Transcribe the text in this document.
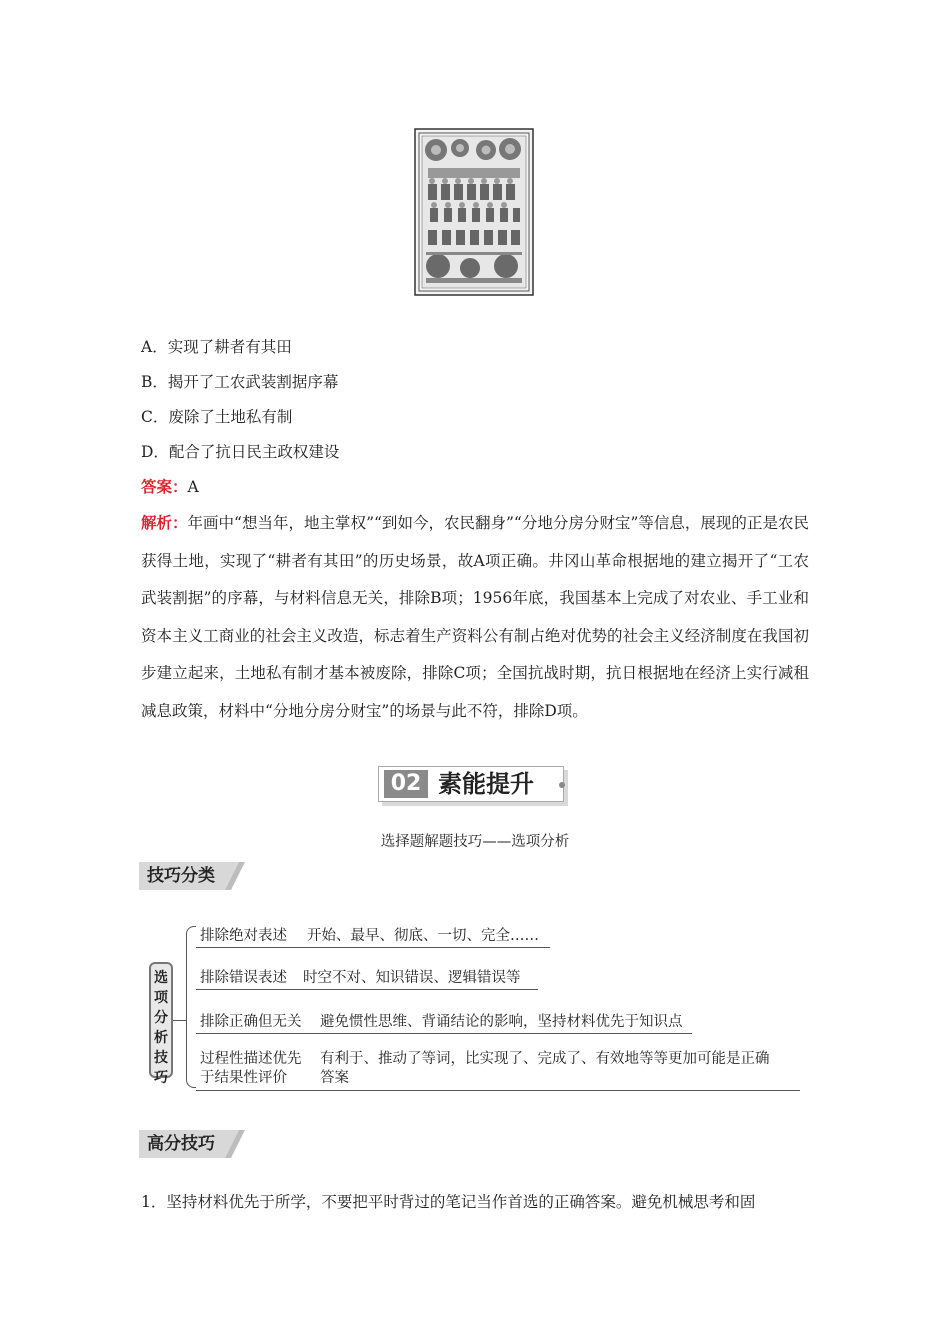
A．实现了耕者有其田
B．揭开了工农武装割据序幕
C．废除了土地私有制
D．配合了抗日民主政权建设
答案：A
解析：年画中“想当年，地主掌权”“到如今，农民翻身”“分地分房分财宝”等信息，展现的正是农民获得土地，实现了“耕者有其田”的历史场景，故A项正确。井冈山革命根据地的建立揭开了“工农武装割据”的序幕，与材料信息无关，排除B项；1956年底，我国基本上完成了对农业、手工业和资本主义工商业的社会主义改造，标志着生产资料公有制占绝对优势的社会主义经济制度在我国初步建立起来，土地私有制才基本被废除，排除C项；全国抗战时期，抗日根据地在经济上实行减租减息政策，材料中“分地分房分财宝”的场景与此不符，排除D项。
02 素能提升
选择题解题技巧——选项分析
技巧分类
选项分析技巧
排除绝对表述 开始、最早、彻底、一切、完全……
排除错误表述 时空不对、知识错误、逻辑错误等
排除正确但无关 避免惯性思维、背诵结论的影响，坚持材料优先于知识点
过程性描述优先
于结果性评价
有利于、推动了等词，比实现了、完成了、有效地等等更加可能是正确
答案
高分技巧
1．坚持材料优先于所学，不要把平时背过的笔记当作首选的正确答案。避免机械思考和固
